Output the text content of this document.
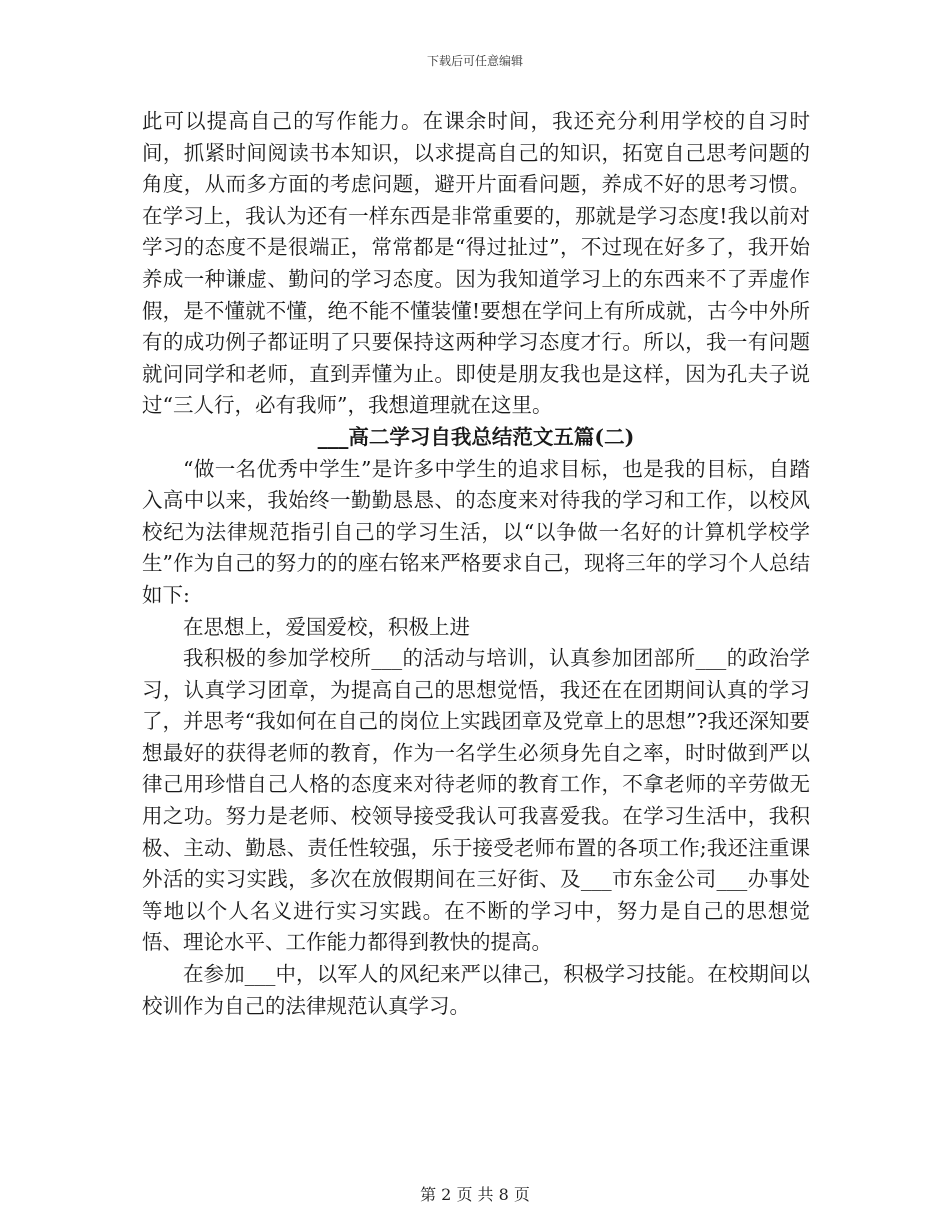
下载后可任意编辑

此可以提高自己的写作能力。在课余时间，我还充分利用学校的自习时间，抓紧时间阅读书本知识，以求提高自己的知识，拓宽自己思考问题的角度，从而多方面的考虑问题，避开片面看问题，养成不好的思考习惯。在学习上，我认为还有一样东西是非常重要的，那就是学习态度!我以前对学习的态度不是很端正，常常都是“得过扯过”，不过现在好多了，我开始养成一种谦虚、勤问的学习态度。因为我知道学习上的东西来不了弄虚作假，是不懂就不懂，绝不能不懂装懂!要想在学问上有所成就，古今中外所有的成功例子都证明了只要保持这两种学习态度才行。所以，我一有问题就问同学和老师，直到弄懂为止。即使是朋友我也是这样，因为孔夫子说过“三人行，必有我师”，我想道理就在这里。

___高二学习自我总结范文五篇(二)

“做一名优秀中学生”是许多中学生的追求目标，也是我的目标，自踏入高中以来，我始终一勤勤恳恳、的态度来对待我的学习和工作，以校风校纪为法律规范指引自己的学习生活，以“以争做一名好的计算机学校学生”作为自己的努力的的座右铭来严格要求自己，现将三年的学习个人总结如下:

在思想上，爱国爱校，积极上进

我积极的参加学校所___的活动与培训，认真参加团部所___的政治学习，认真学习团章，为提高自己的思想觉悟，我还在在团期间认真的学习了，并思考“我如何在自己的岗位上实践团章及党章上的思想”?我还深知要想最好的获得老师的教育，作为一名学生必须身先自之率，时时做到严以律己用珍惜自己人格的态度来对待老师的教育工作，不拿老师的辛劳做无用之功。努力是老师、校领导接受我认可我喜爱我。在学习生活中，我积极、主动、勤恳、责任性较强，乐于接受老师布置的各项工作;我还注重课外活的实习实践，多次在放假期间在三好街、及___市东金公司___办事处等地以个人名义进行实习实践。在不断的学习中，努力是自己的思想觉悟、理论水平、工作能力都得到教快的提高。

在参加___中，以军人的风纪来严以律己，积极学习技能。在校期间以校训作为自己的法律规范认真学习。

第 2 页 共 8 页
